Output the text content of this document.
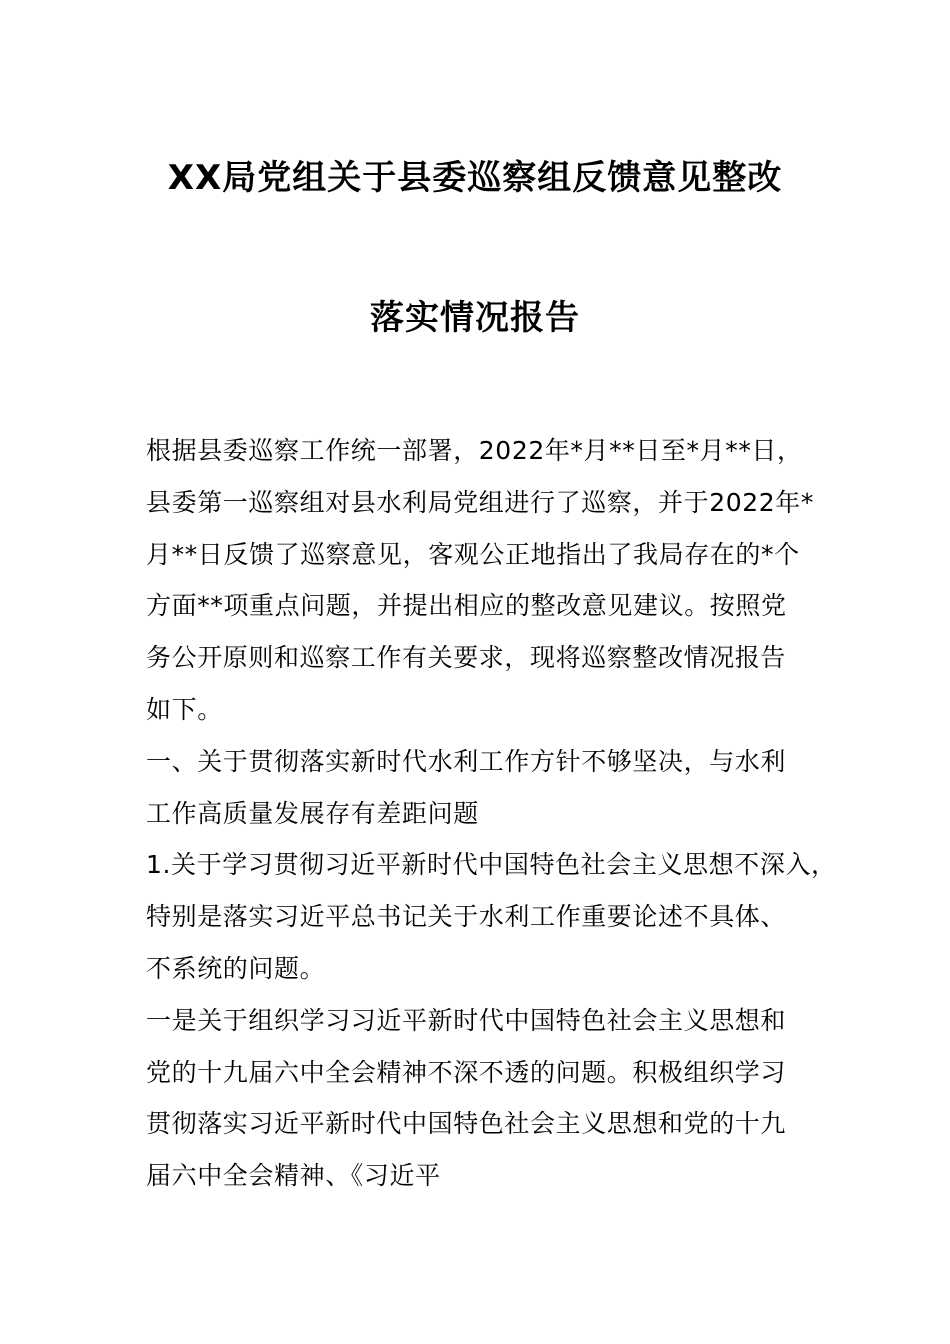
XX局党组关于县委巡察组反馈意见整改
落实情况报告
根据县委巡察工作统一部署，2022年*月**日至*月**日，
县委第一巡察组对县水利局党组进行了巡察，并于2022年*
月**日反馈了巡察意见，客观公正地指出了我局存在的*个
方面**项重点问题，并提出相应的整改意见建议。按照党
务公开原则和巡察工作有关要求，现将巡察整改情况报告
如下。
一、关于贯彻落实新时代水利工作方针不够坚决，与水利
工作高质量发展存有差距问题
1.关于学习贯彻习近平新时代中国特色社会主义思想不深入，
特别是落实习近平总书记关于水利工作重要论述不具体、
不系统的问题。
一是关于组织学习习近平新时代中国特色社会主义思想和
党的十九届六中全会精神不深不透的问题。积极组织学习
贯彻落实习近平新时代中国特色社会主义思想和党的十九
届六中全会精神、《习近平
